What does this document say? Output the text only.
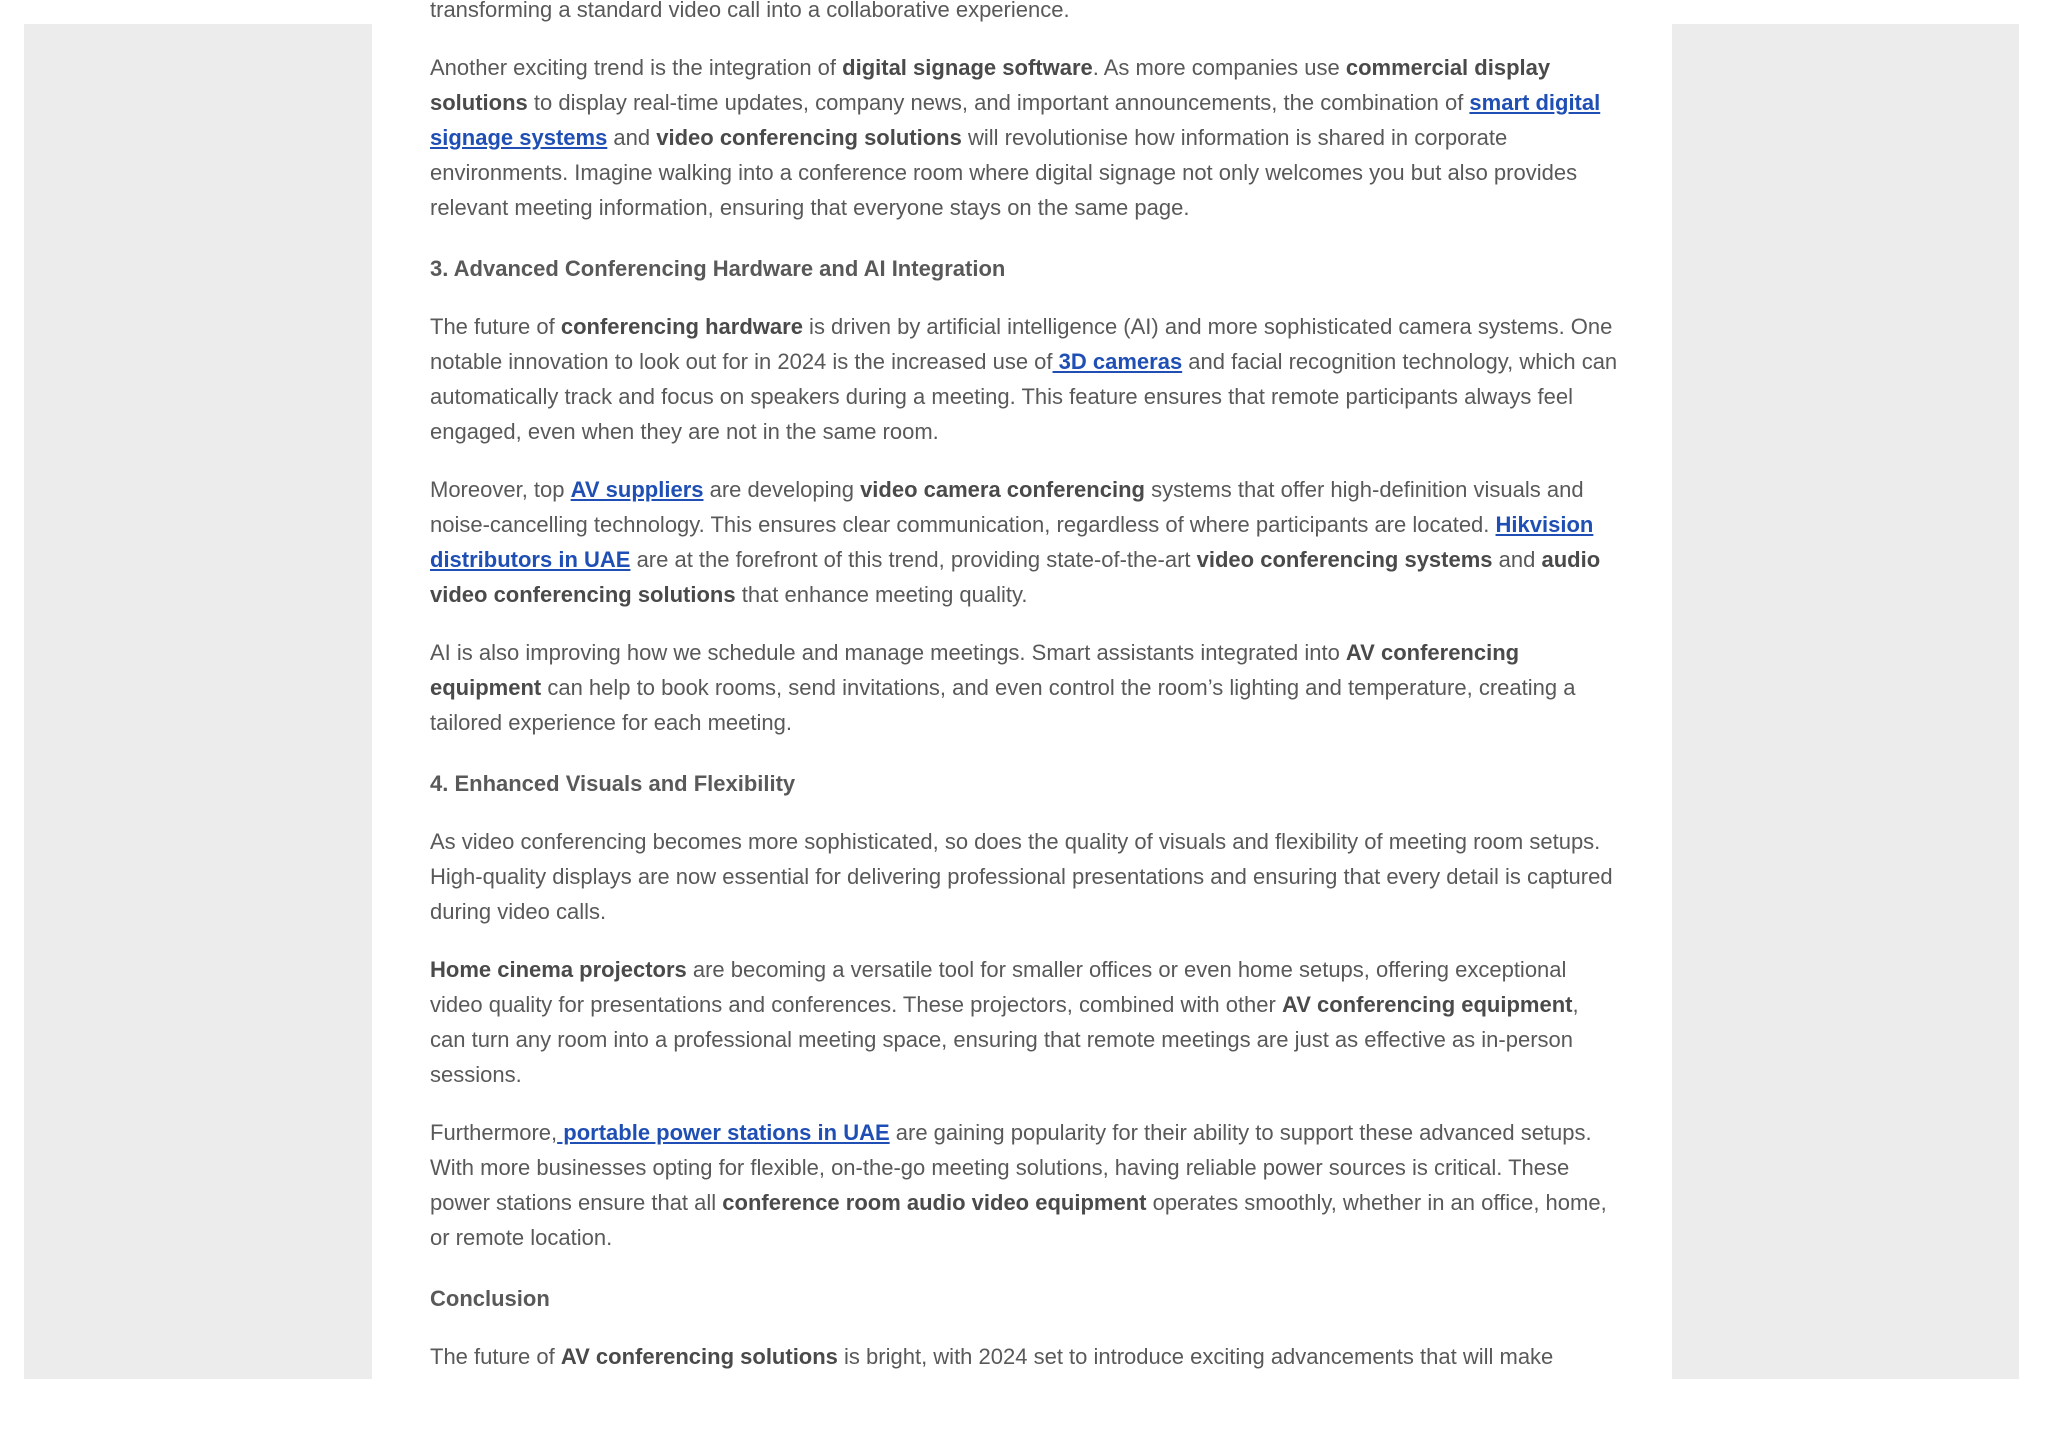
transforming a standard video call into a collaborative experience.

Another exciting trend is the integration of digital signage software. As more companies use commercial display solutions to display real-time updates, company news, and important announcements, the combination of smart digital signage systems and video conferencing solutions will revolutionise how information is shared in corporate environments. Imagine walking into a conference room where digital signage not only welcomes you but also provides relevant meeting information, ensuring that everyone stays on the same page.

3. Advanced Conferencing Hardware and AI Integration

The future of conferencing hardware is driven by artificial intelligence (AI) and more sophisticated camera systems. One notable innovation to look out for in 2024 is the increased use of 3D cameras and facial recognition technology, which can automatically track and focus on speakers during a meeting. This feature ensures that remote participants always feel engaged, even when they are not in the same room.

Moreover, top AV suppliers are developing video camera conferencing systems that offer high-definition visuals and noise-cancelling technology. This ensures clear communication, regardless of where participants are located. Hikvision distributors in UAE are at the forefront of this trend, providing state-of-the-art video conferencing systems and audio video conferencing solutions that enhance meeting quality.

AI is also improving how we schedule and manage meetings. Smart assistants integrated into AV conferencing equipment can help to book rooms, send invitations, and even control the room’s lighting and temperature, creating a tailored experience for each meeting.

4. Enhanced Visuals and Flexibility

As video conferencing becomes more sophisticated, so does the quality of visuals and flexibility of meeting room setups. High-quality displays are now essential for delivering professional presentations and ensuring that every detail is captured during video calls.

Home cinema projectors are becoming a versatile tool for smaller offices or even home setups, offering exceptional video quality for presentations and conferences. These projectors, combined with other AV conferencing equipment, can turn any room into a professional meeting space, ensuring that remote meetings are just as effective as in-person sessions.

Furthermore, portable power stations in UAE are gaining popularity for their ability to support these advanced setups. With more businesses opting for flexible, on-the-go meeting solutions, having reliable power sources is critical. These power stations ensure that all conference room audio video equipment operates smoothly, whether in an office, home, or remote location.

Conclusion

The future of AV conferencing solutions is bright, with 2024 set to introduce exciting advancements that will make
